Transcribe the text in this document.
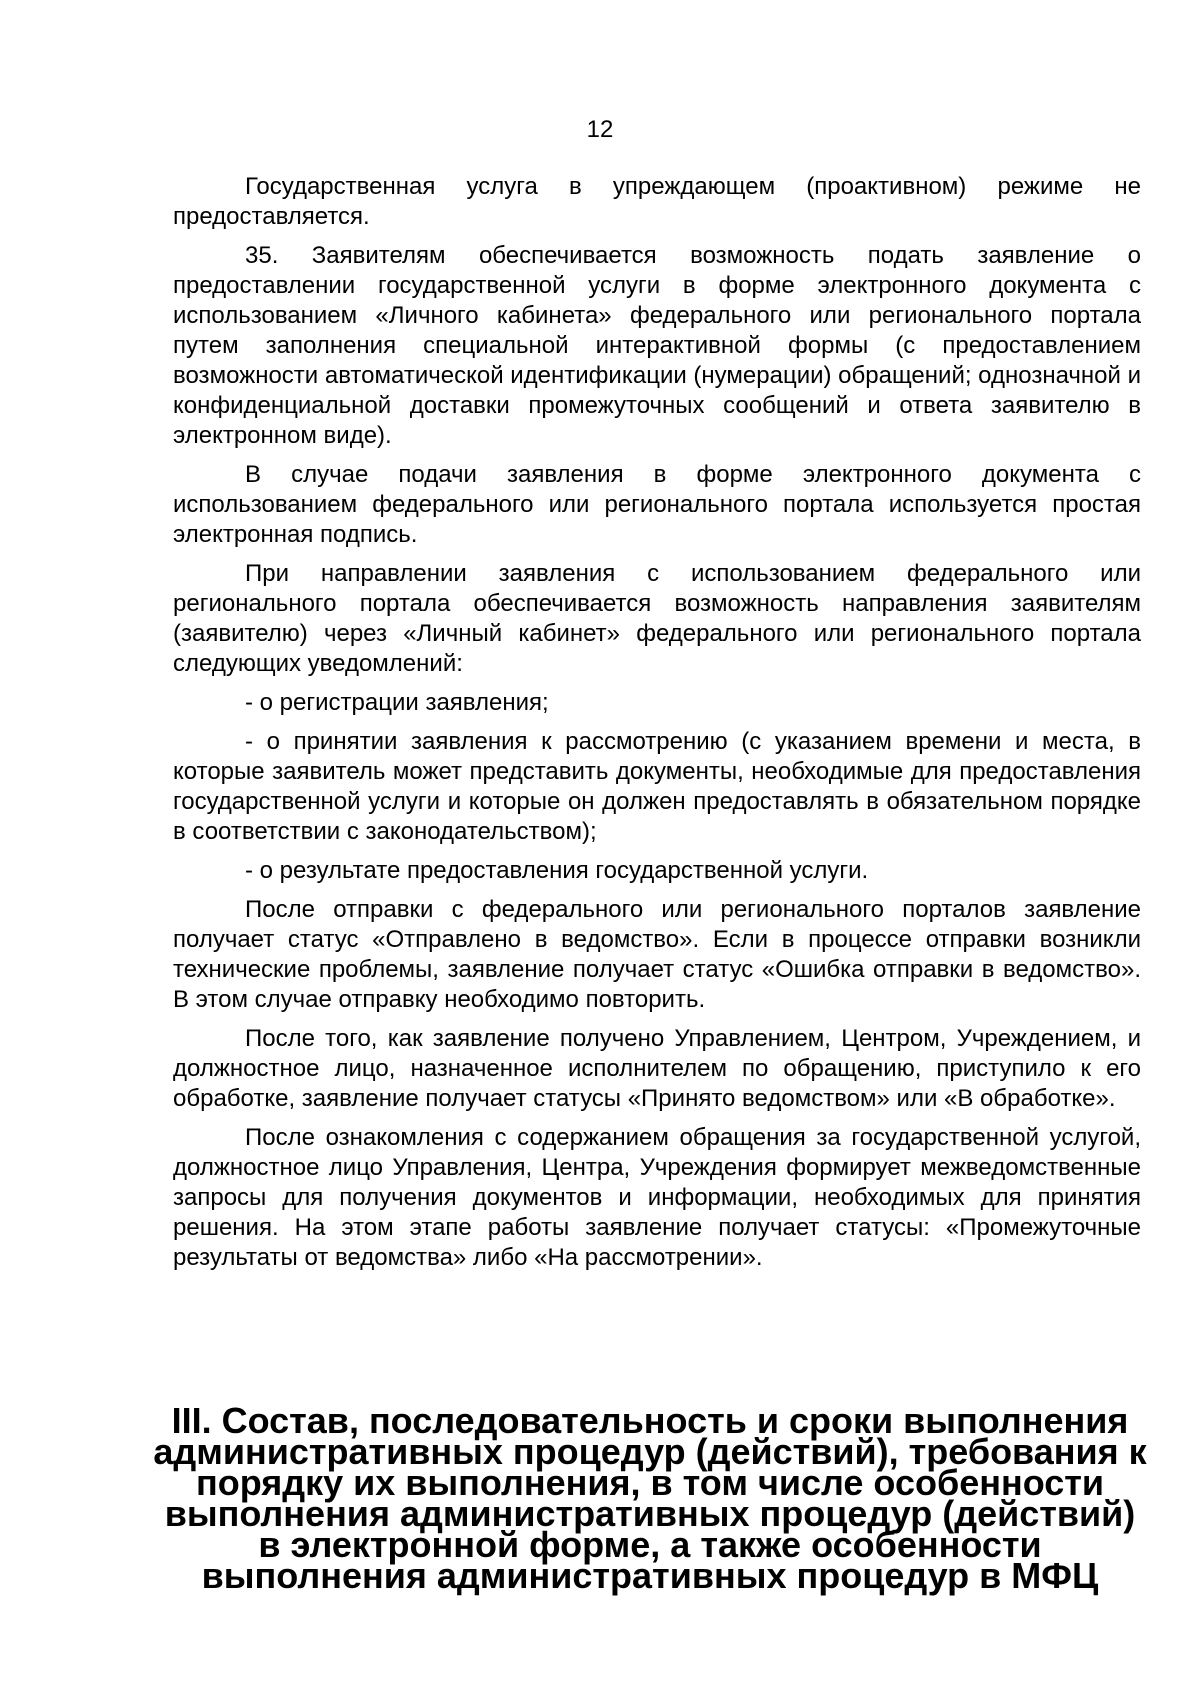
12

Государственная услуга в упреждающем (проактивном) режиме не предоставляется.

35. Заявителям обеспечивается возможность подать заявление о предоставлении государственной услуги в форме электронного документа с использованием «Личного кабинета» федерального или регионального портала путем заполнения специальной интерактивной формы (с предоставлением возможности автоматической идентификации (нумерации) обращений; однозначной и конфиденциальной доставки промежуточных сообщений и ответа заявителю в электронном виде).

В случае подачи заявления в форме электронного документа с использованием федерального или регионального портала используется простая электронная подпись.

При направлении заявления с использованием федерального или регионального портала обеспечивается возможность направления заявителям (заявителю) через «Личный кабинет» федерального или регионального портала следующих уведомлений:

- о регистрации заявления;

- о принятии заявления к рассмотрению (с указанием времени и места, в которые заявитель может представить документы, необходимые для предоставления государственной услуги и которые он должен предоставлять в обязательном порядке в соответствии с законодательством);

- о результате предоставления государственной услуги.

После отправки с федерального или регионального порталов заявление получает статус «Отправлено в ведомство». Если в процессе отправки возникли технические проблемы, заявление получает статус «Ошибка отправки в ведомство». В этом случае отправку необходимо повторить.

После того, как заявление получено Управлением, Центром, Учреждением, и должностное лицо, назначенное исполнителем по обращению, приступило к его обработке, заявление получает статусы «Принято ведомством» или «В обработке».

После ознакомления с содержанием обращения за государственной услугой, должностное лицо Управления, Центра, Учреждения формирует межведомственные запросы для получения документов и информации, необходимых для принятия решения. На этом этапе работы заявление получает статусы: «Промежуточные результаты от ведомства» либо «На рассмотрении».

III. Состав, последовательность и сроки выполнения административных процедур (действий), требования к порядку их выполнения, в том числе особенности выполнения административных процедур (действий) в электронной форме, а также особенности выполнения административных процедур в МФЦ
